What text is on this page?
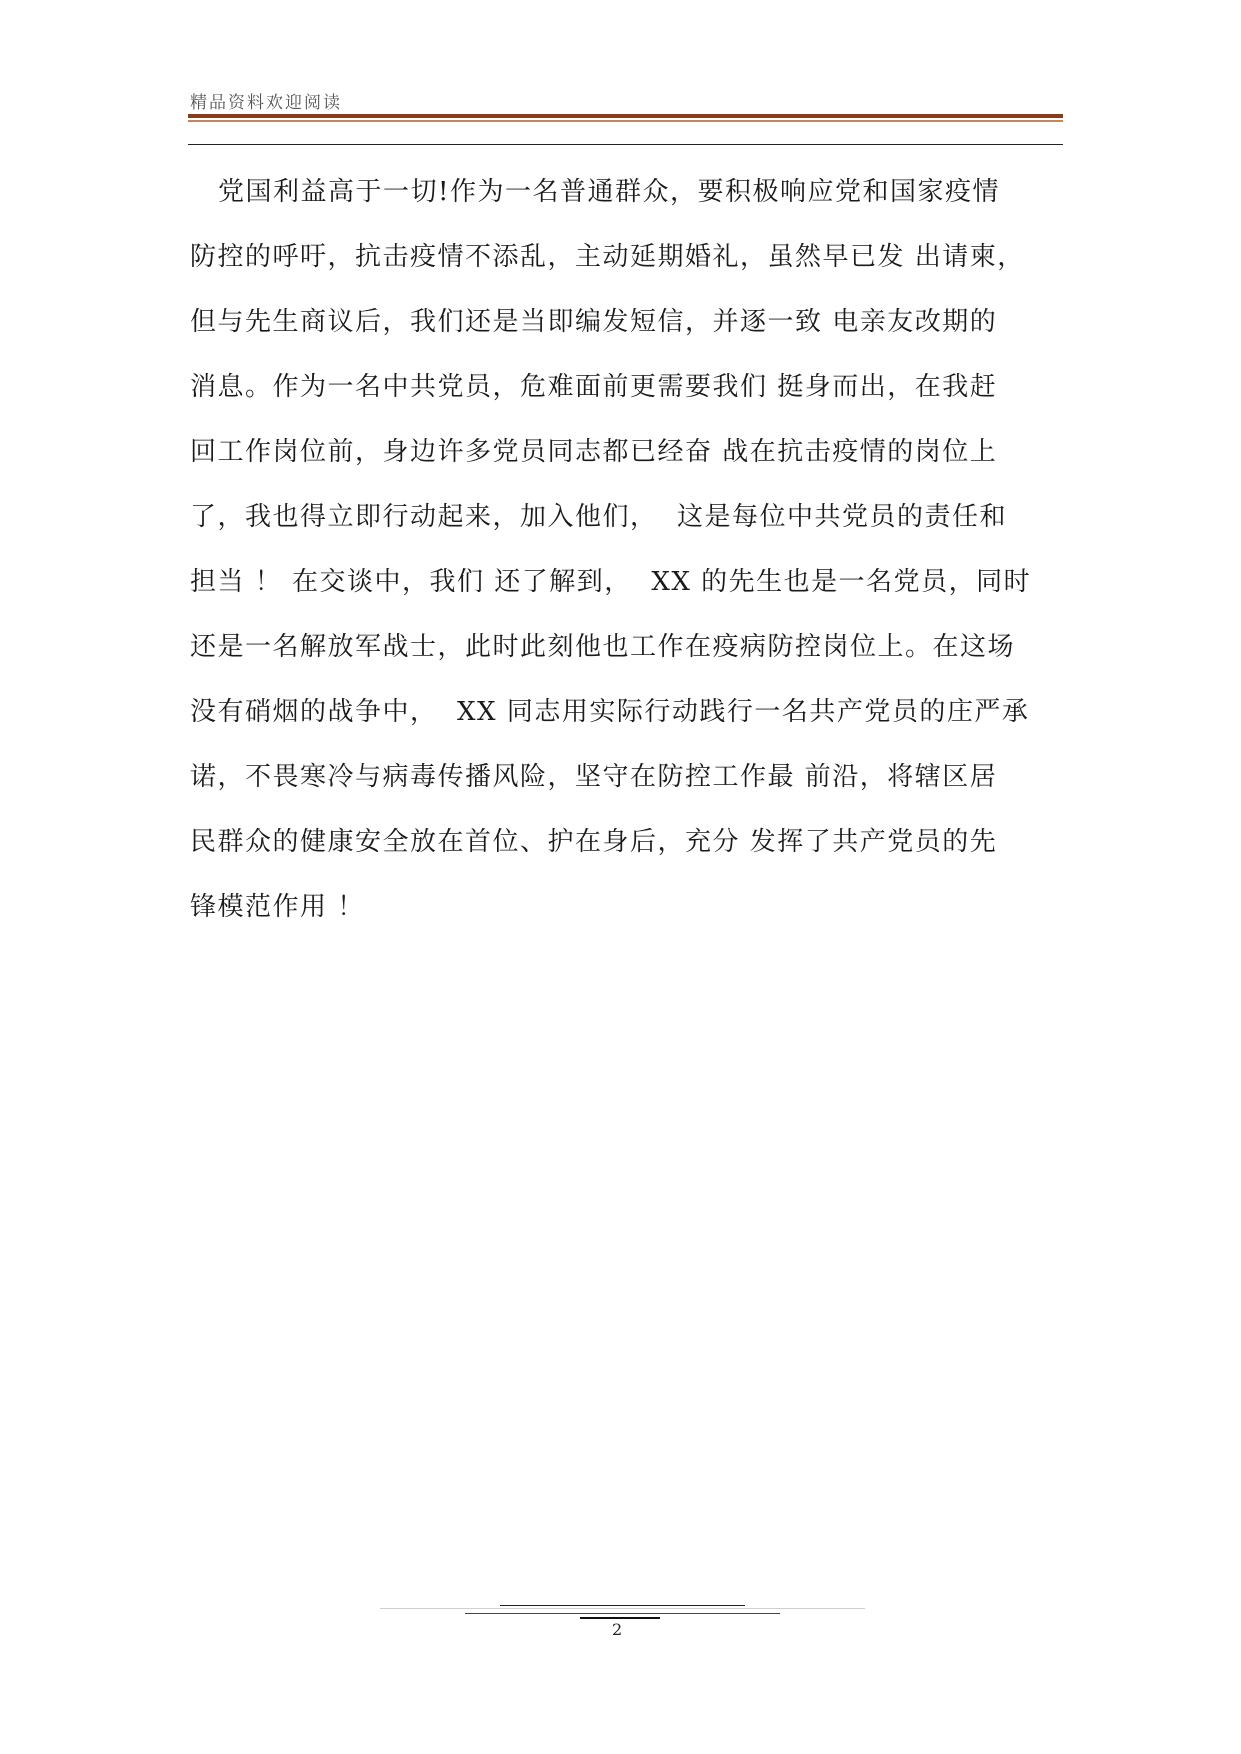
精品资料欢迎阅读
党国利益高于一切!作为一名普通群众，要积极响应党和国家疫情
防控的呼吁，抗击疫情不添乱，主动延期婚礼，虽然早已发 出请柬，
但与先生商议后，我们还是当即编发短信，并逐一致 电亲友改期的
消息。作为一名中共党员，危难面前更需要我们 挺身而出，在我赶
回工作岗位前，身边许多党员同志都已经奋 战在抗击疫情的岗位上
了，我也得立即行动起来，加入他们，  这是每位中共党员的责任和
担当 ！ 在交谈中，我们 还了解到，  XX 的先生也是一名党员，同时
还是一名解放军战士，此时此刻他也工作在疫病防控岗位上。在这场
没有硝烟的战争中，  XX 同志用实际行动践行一名共产党员的庄严承
诺，不畏寒冷与病毒传播风险，坚守在防控工作最 前沿，将辖区居
民群众的健康安全放在首位、护在身后，充分 发挥了共产党员的先
锋模范作用 ！
2
